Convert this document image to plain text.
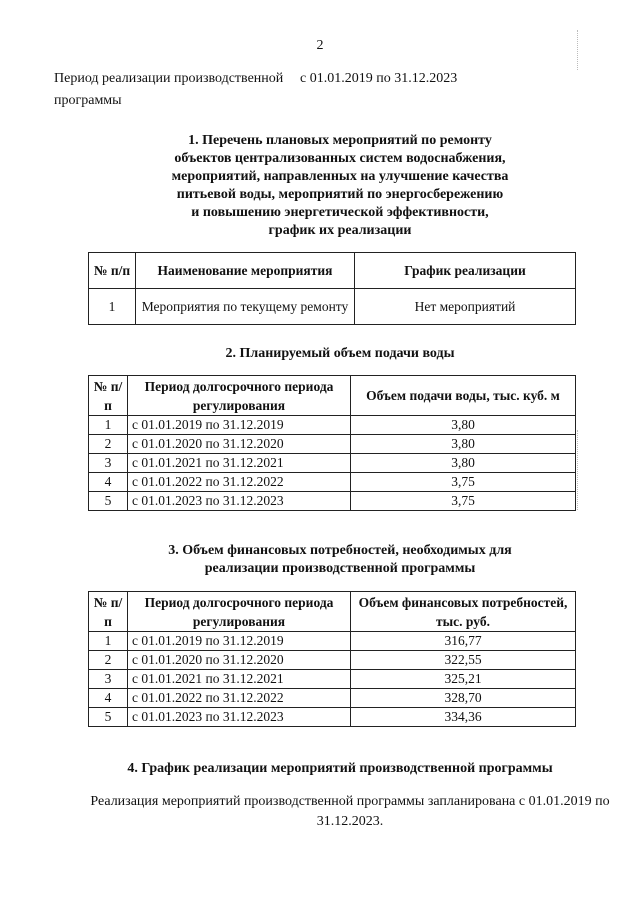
2
Период реализации производственной программы
с 01.01.2019 по 31.12.2023
1. Перечень плановых мероприятий по ремонту
объектов централизованных систем водоснабжения,
мероприятий, направленных на улучшение качества
питьевой воды, мероприятий по энергосбережению
и повышению энергетической эффективности,
график их реализации
№ п/п	Наименование мероприятия	График реализации
1	Мероприятия по текущему ремонту	Нет мероприятий
2. Планируемый объем подачи воды
№ п/п	Период долгосрочного периода регулирования	Объем подачи воды, тыс. куб. м
1	с 01.01.2019 по 31.12.2019	3,80
2	с 01.01.2020 по 31.12.2020	3,80
3	с 01.01.2021 по 31.12.2021	3,80
4	с 01.01.2022 по 31.12.2022	3,75
5	с 01.01.2023 по 31.12.2023	3,75
3. Объем финансовых потребностей, необходимых для
реализации производственной программы
№ п/п	Период долгосрочного периода регулирования	Объем финансовых потребностей, тыс. руб.
1	с 01.01.2019 по 31.12.2019	316,77
2	с 01.01.2020 по 31.12.2020	322,55
3	с 01.01.2021 по 31.12.2021	325,21
4	с 01.01.2022 по 31.12.2022	328,70
5	с 01.01.2023 по 31.12.2023	334,36
4. График реализации мероприятий производственной программы
Реализация мероприятий производственной программы запланирована с 01.01.2019 по 31.12.2023.
